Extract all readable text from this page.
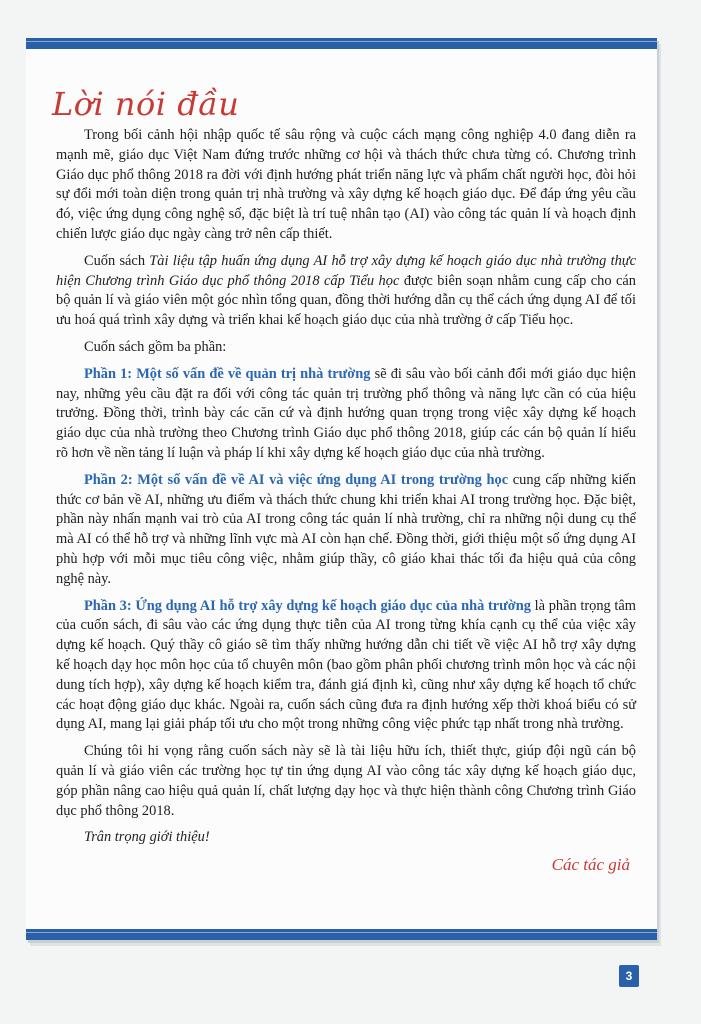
Lời nói đầu

Trong bối cảnh hội nhập quốc tế sâu rộng và cuộc cách mạng công nghiệp 4.0 đang diễn ra mạnh mẽ, giáo dục Việt Nam đứng trước những cơ hội và thách thức chưa từng có. Chương trình Giáo dục phổ thông 2018 ra đời với định hướng phát triển năng lực và phẩm chất người học, đòi hỏi sự đổi mới toàn diện trong quản trị nhà trường và xây dựng kế hoạch giáo dục. Để đáp ứng yêu cầu đó, việc ứng dụng công nghệ số, đặc biệt là trí tuệ nhân tạo (AI) vào công tác quản lí và hoạch định chiến lược giáo dục ngày càng trở nên cấp thiết.

Cuốn sách Tài liệu tập huấn ứng dụng AI hỗ trợ xây dựng kế hoạch giáo dục nhà trường thực hiện Chương trình Giáo dục phổ thông 2018 cấp Tiểu học được biên soạn nhằm cung cấp cho cán bộ quản lí và giáo viên một góc nhìn tổng quan, đồng thời hướng dẫn cụ thể cách ứng dụng AI để tối ưu hoá quá trình xây dựng và triển khai kế hoạch giáo dục của nhà trường ở cấp Tiểu học.

Cuốn sách gồm ba phần:

Phần 1: Một số vấn đề về quản trị nhà trường sẽ đi sâu vào bối cảnh đổi mới giáo dục hiện nay, những yêu cầu đặt ra đối với công tác quản trị trường phổ thông và năng lực cần có của hiệu trưởng. Đồng thời, trình bày các căn cứ và định hướng quan trọng trong việc xây dựng kế hoạch giáo dục của nhà trường theo Chương trình Giáo dục phổ thông 2018, giúp các cán bộ quản lí hiểu rõ hơn về nền tảng lí luận và pháp lí khi xây dựng kế hoạch giáo dục của nhà trường.

Phần 2: Một số vấn đề về AI và việc ứng dụng AI trong trường học cung cấp những kiến thức cơ bản về AI, những ưu điểm và thách thức chung khi triển khai AI trong trường học. Đặc biệt, phần này nhấn mạnh vai trò của AI trong công tác quản lí nhà trường, chỉ ra những nội dung cụ thể mà AI có thể hỗ trợ và những lĩnh vực mà AI còn hạn chế. Đồng thời, giới thiệu một số ứng dụng AI phù hợp với mỗi mục tiêu công việc, nhằm giúp thầy, cô giáo khai thác tối đa hiệu quả của công nghệ này.

Phần 3: Ứng dụng AI hỗ trợ xây dựng kế hoạch giáo dục của nhà trường là phần trọng tâm của cuốn sách, đi sâu vào các ứng dụng thực tiễn của AI trong từng khía cạnh cụ thể của việc xây dựng kế hoạch. Quý thầy cô giáo sẽ tìm thấy những hướng dẫn chi tiết về việc AI hỗ trợ xây dựng kế hoạch dạy học môn học của tổ chuyên môn (bao gồm phân phối chương trình môn học và các nội dung tích hợp), xây dựng kế hoạch kiểm tra, đánh giá định kì, cũng như xây dựng kế hoạch tổ chức các hoạt động giáo dục khác. Ngoài ra, cuốn sách cũng đưa ra định hướng xếp thời khoá biểu có sử dụng AI, mang lại giải pháp tối ưu cho một trong những công việc phức tạp nhất trong nhà trường.

Chúng tôi hi vọng rằng cuốn sách này sẽ là tài liệu hữu ích, thiết thực, giúp đội ngũ cán bộ quản lí và giáo viên các trường học tự tin ứng dụng AI vào công tác xây dựng kế hoạch giáo dục, góp phần nâng cao hiệu quả quản lí, chất lượng dạy học và thực hiện thành công Chương trình Giáo dục phổ thông 2018.

Trân trọng giới thiệu!

Các tác giả
3
